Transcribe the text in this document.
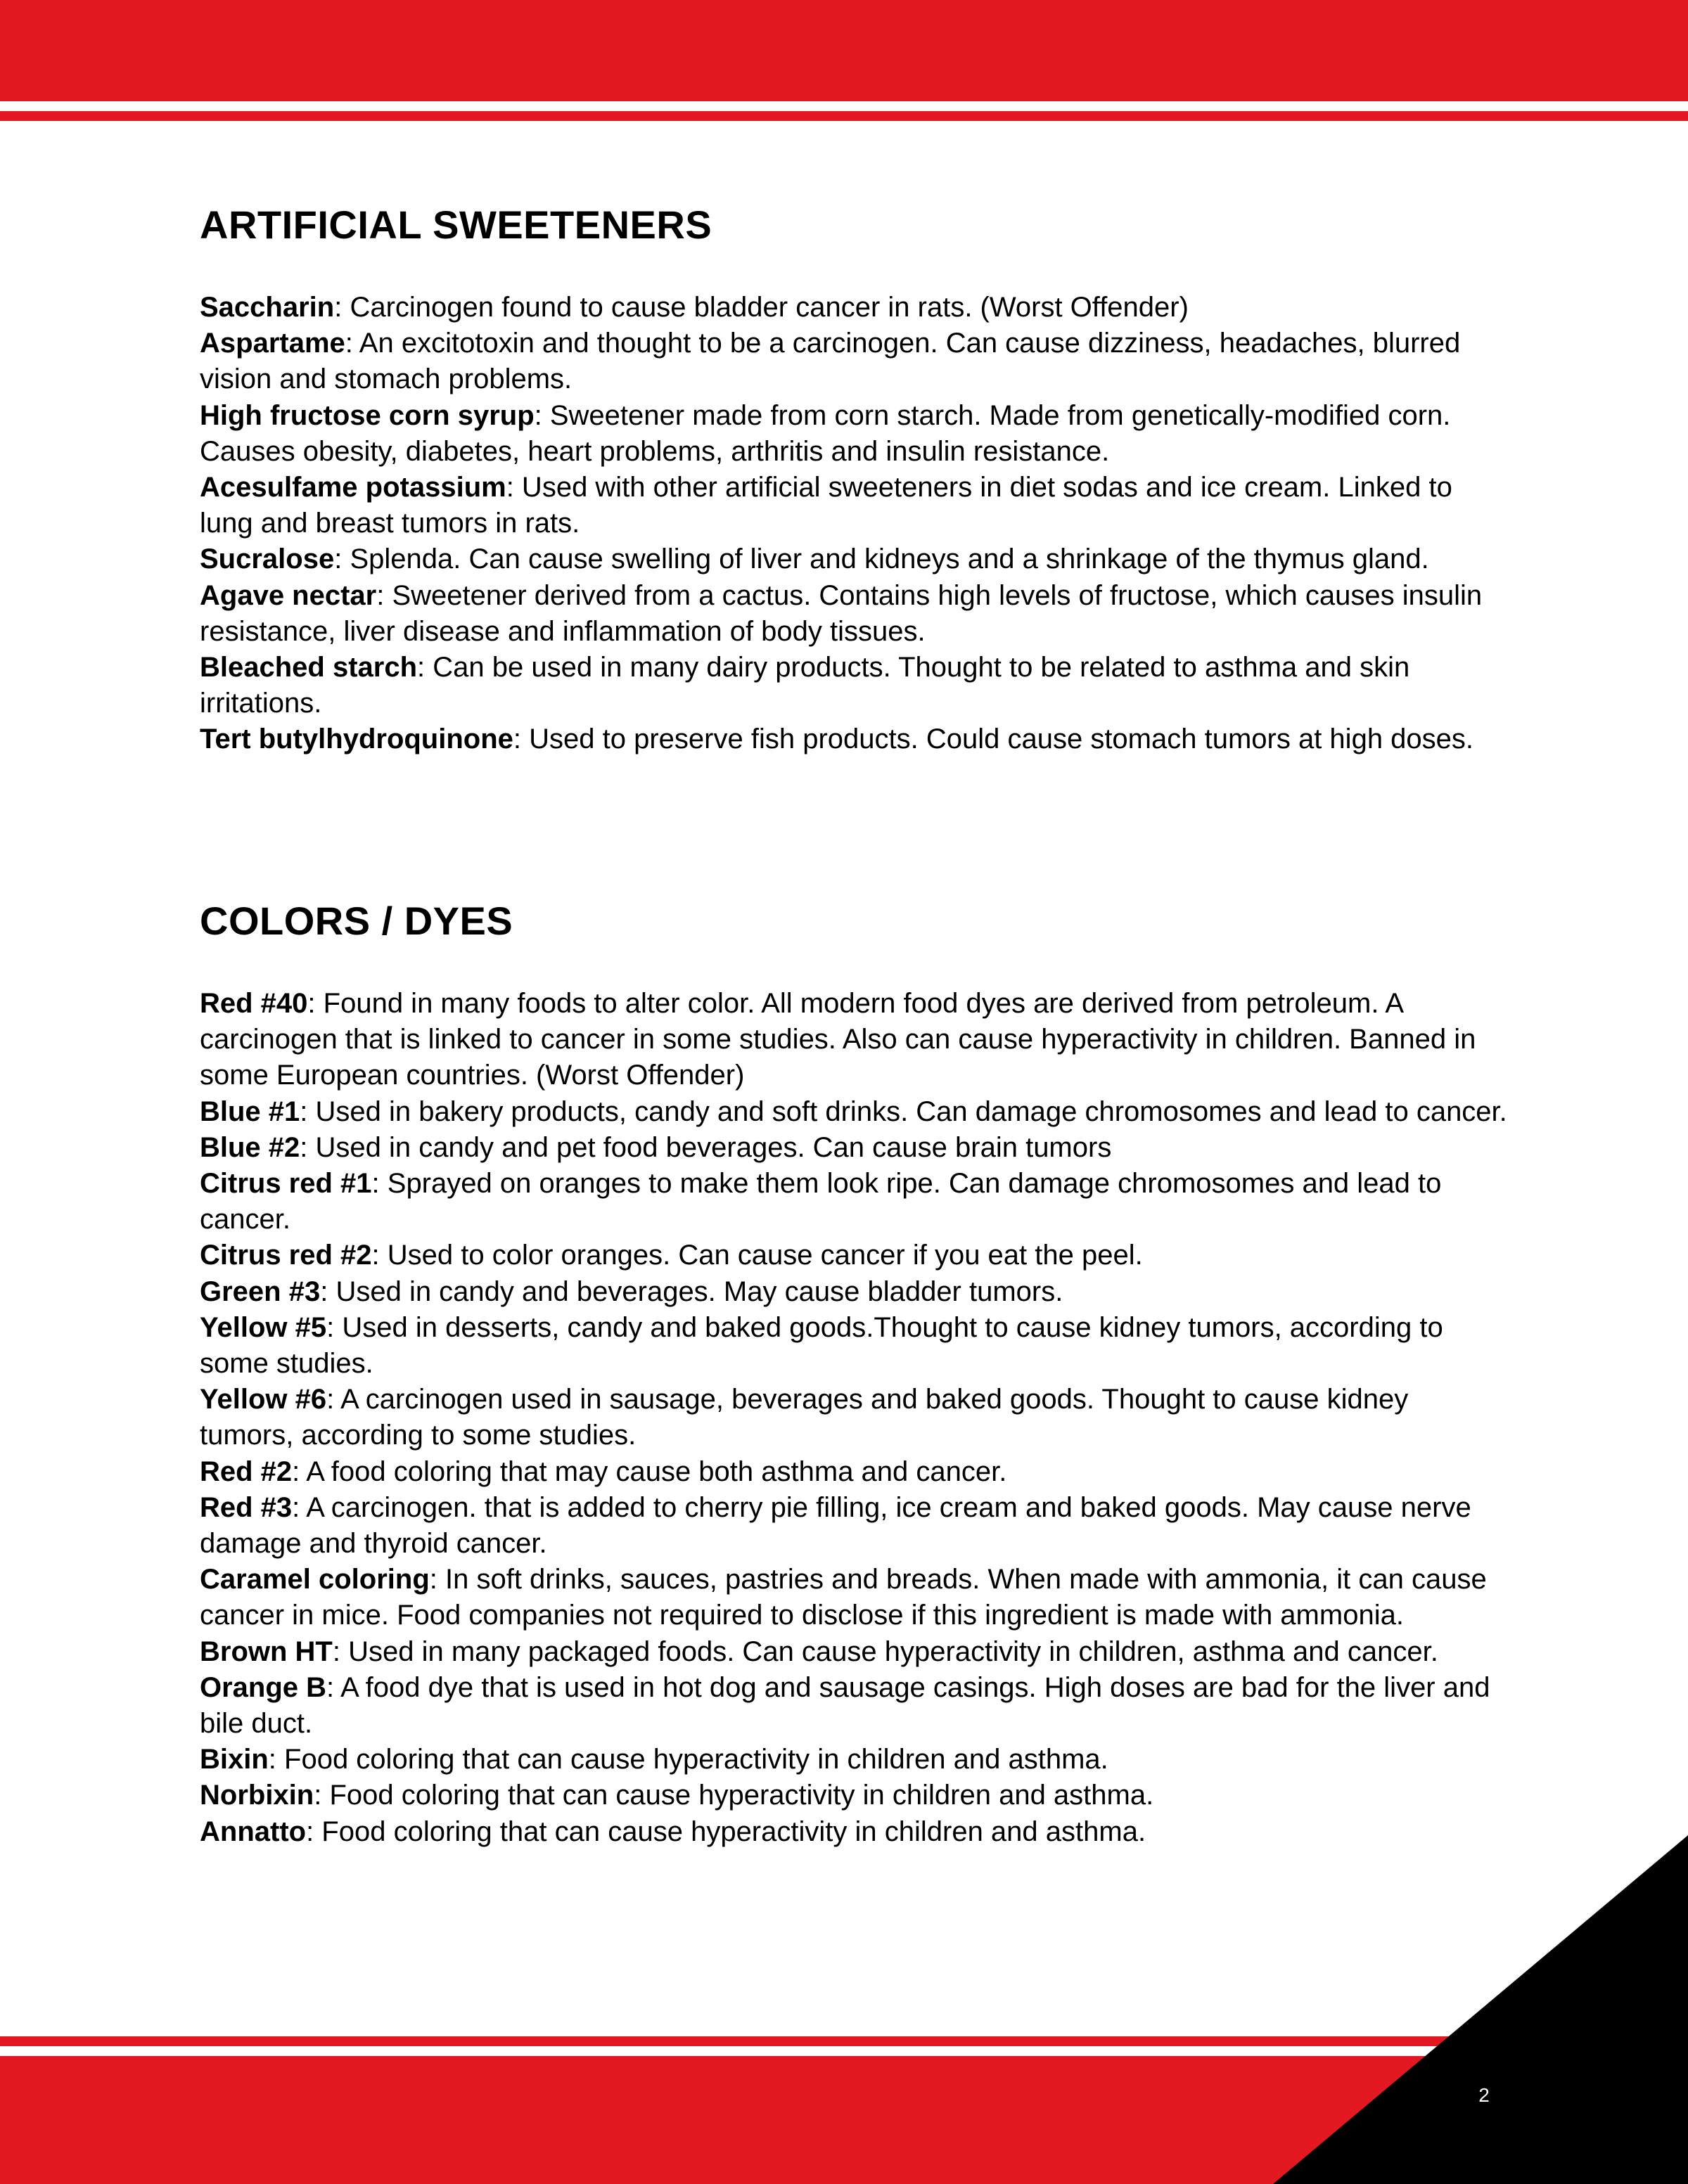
ARTIFICIAL SWEETENERS
Saccharin: Carcinogen found to cause bladder cancer in rats. (Worst Offender)
Aspartame: An excitotoxin and thought to be a carcinogen. Can cause dizziness, headaches, blurred vision and stomach problems.
High fructose corn syrup: Sweetener made from corn starch. Made from genetically-modified corn. Causes obesity, diabetes, heart problems, arthritis and insulin resistance.
Acesulfame potassium: Used with other artificial sweeteners in diet sodas and ice cream. Linked to lung and breast tumors in rats.
Sucralose: Splenda. Can cause swelling of liver and kidneys and a shrinkage of the thymus gland.
Agave nectar: Sweetener derived from a cactus. Contains high levels of fructose, which causes insulin resistance, liver disease and inflammation of body tissues.
Bleached starch: Can be used in many dairy products. Thought to be related to asthma and skin irritations.
Tert butylhydroquinone: Used to preserve fish products. Could cause stomach tumors at high doses.
COLORS / DYES
Red #40: Found in many foods to alter color. All modern food dyes are derived from petroleum. A carcinogen that is linked to cancer in some studies. Also can cause hyperactivity in children. Banned in some European countries. (Worst Offender)
Blue #1: Used in bakery products, candy and soft drinks. Can damage chromosomes and lead to cancer.
Blue #2: Used in candy and pet food beverages. Can cause brain tumors
Citrus red #1: Sprayed on oranges to make them look ripe. Can damage chromosomes and lead to cancer.
Citrus red #2: Used to color oranges. Can cause cancer if you eat the peel.
Green #3: Used in candy and beverages. May cause bladder tumors.
Yellow #5: Used in desserts, candy and baked goods.Thought to cause kidney tumors, according to some studies.
Yellow #6: A carcinogen used in sausage, beverages and baked goods. Thought to cause kidney tumors, according to some studies.
Red #2: A food coloring that may cause both asthma and cancer.
Red #3: A carcinogen. that is added to cherry pie filling, ice cream and baked goods. May cause nerve damage and thyroid cancer.
Caramel coloring: In soft drinks, sauces, pastries and breads. When made with ammonia, it can cause cancer in mice. Food companies not required to disclose if this ingredient is made with ammonia.
Brown HT: Used in many packaged foods. Can cause hyperactivity in children, asthma and cancer.
Orange B: A food dye that is used in hot dog and sausage casings. High doses are bad for the liver and bile duct.
Bixin: Food coloring that can cause hyperactivity in children and asthma.
Norbixin: Food coloring that can cause hyperactivity in children and asthma.
Annatto: Food coloring that can cause hyperactivity in children and asthma.
2
